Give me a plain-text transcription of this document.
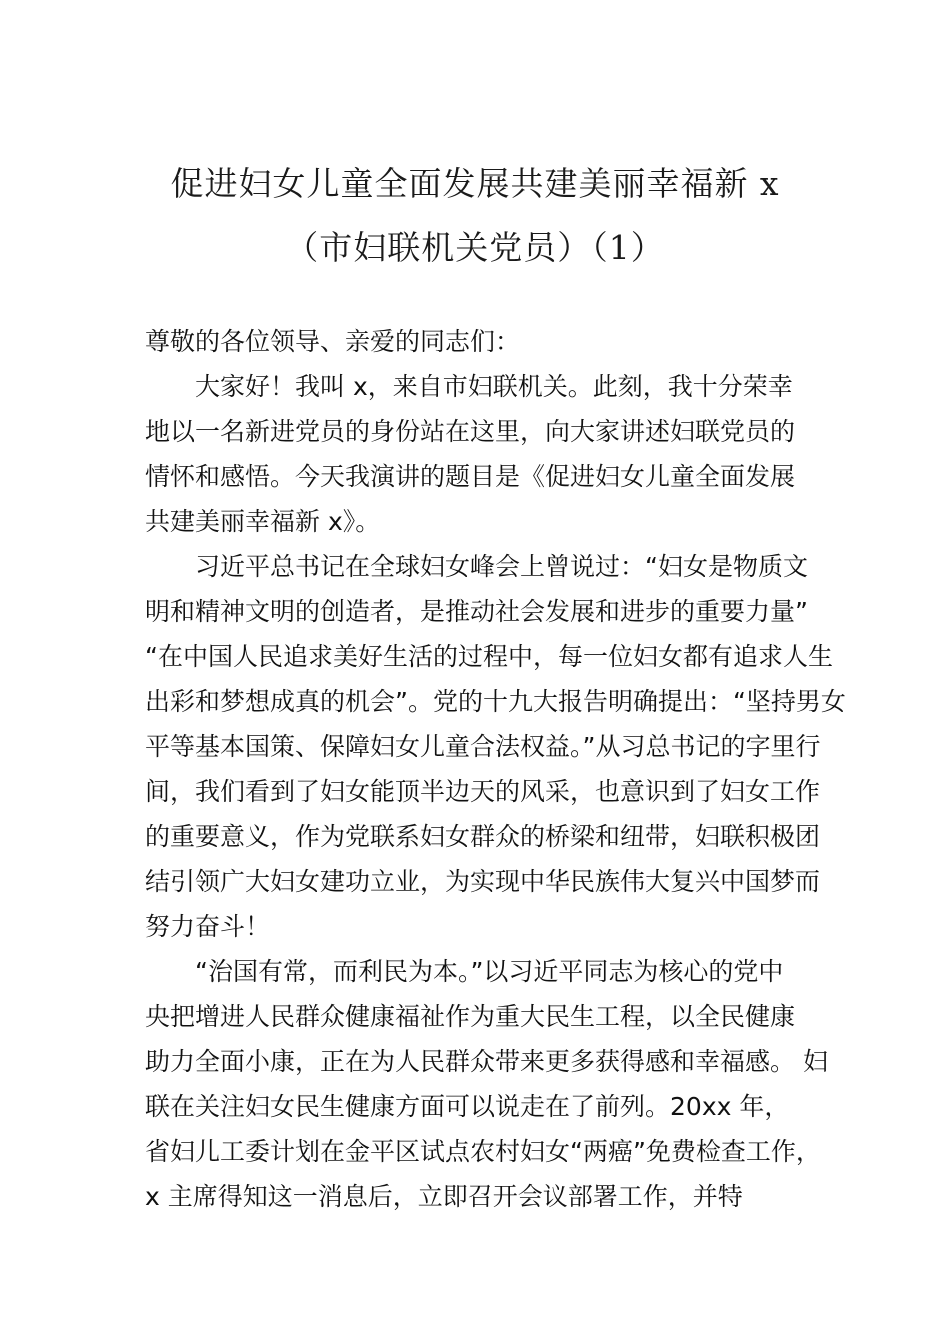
促进妇女儿童全面发展共建美丽幸福新 x
（市妇联机关党员）（1）
尊敬的各位领导、亲爱的同志们：
大家好！我叫 x，来自市妇联机关。此刻，我十分荣幸
地以一名新进党员的身份站在这里，向大家讲述妇联党员的
情怀和感悟。今天我演讲的题目是《促进妇女儿童全面发展
共建美丽幸福新 x》。
习近平总书记在全球妇女峰会上曾说过：“妇女是物质文
明和精神文明的创造者，是推动社会发展和进步的重要力量”
“在中国人民追求美好生活的过程中，每一位妇女都有追求人生
出彩和梦想成真的机会”。党的十九大报告明确提出：“坚持男女
平等基本国策、保障妇女儿童合法权益。”从习总书记的字里行
间，我们看到了妇女能顶半边天的风采，也意识到了妇女工作
的重要意义，作为党联系妇女群众的桥梁和纽带，妇联积极团
结引领广大妇女建功立业，为实现中华民族伟大复兴中国梦而
努力奋斗！
“治国有常，而利民为本。”以习近平同志为核心的党中
央把增进人民群众健康福祉作为重大民生工程，以全民健康
助力全面小康，正在为人民群众带来更多获得感和幸福感。 妇
联在关注妇女民生健康方面可以说走在了前列。20xx 年，
省妇儿工委计划在金平区试点农村妇女“两癌”免费检查工作，
x 主席得知这一消息后，立即召开会议部署工作，并特
